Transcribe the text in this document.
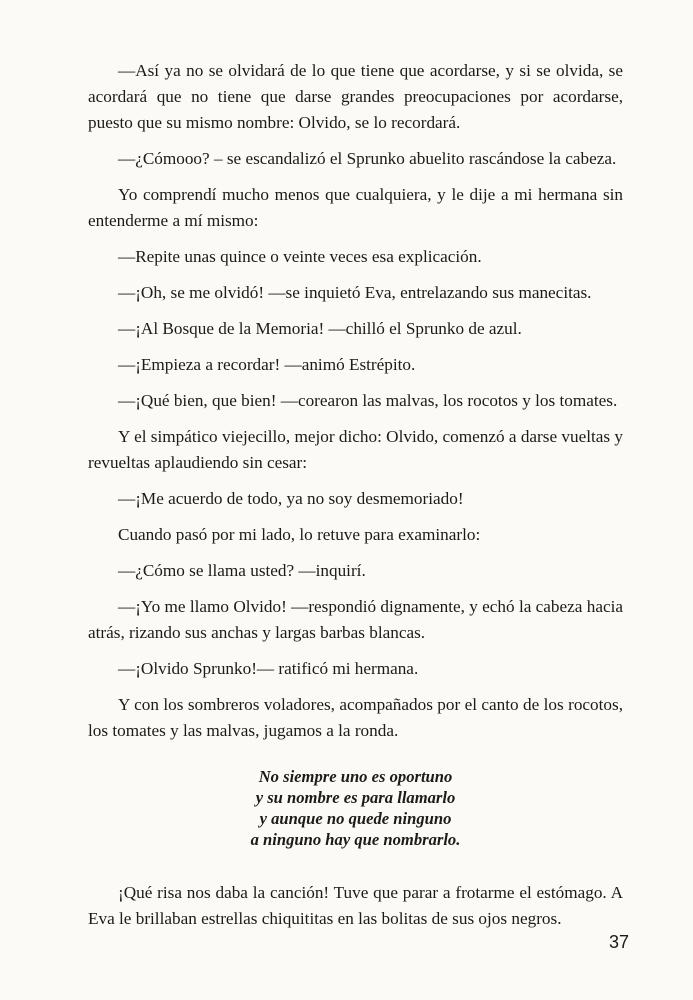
—Así ya no se olvidará de lo que tiene que acordarse, y si se olvida, se acordará que no tiene que darse grandes preocupaciones por acordarse, puesto que su mismo nombre: Olvido, se lo recordará.

—¿Cómooo? – se escandalizó el Sprunko abuelito rascándose la cabeza.

Yo comprendí mucho menos que cualquiera, y le dije a mi hermana sin entenderme a mí mismo:

—Repite unas quince o veinte veces esa explicación.

—¡Oh, se me olvidó! —se inquietó Eva, entrelazando sus manecitas.

—¡Al Bosque de la Memoria! —chilló el Sprunko de azul.

—¡Empieza a recordar! —animó Estrépito.

—¡Qué bien, que bien! —corearon las malvas, los rocotos y los tomates.

Y el simpático viejecillo, mejor dicho: Olvido, comenzó a darse vueltas y revueltas aplaudiendo sin cesar:

—¡Me acuerdo de todo, ya no soy desmemoriado!

Cuando pasó por mi lado, lo retuve para examinarlo:

—¿Cómo se llama usted? —inquirí.

—¡Yo me llamo Olvido! —respondió dignamente, y echó la cabeza hacia atrás, rizando sus anchas y largas barbas blancas.

—¡Olvido Sprunko!— ratificó mi hermana.

Y con los sombreros voladores, acompañados por el canto de los rocotos, los tomates y las malvas, jugamos a la ronda.

No siempre uno es oportuno
y su nombre es para llamarlo
y aunque no quede ninguno
a ninguno hay que nombrarlo.

¡Qué risa nos daba la canción! Tuve que parar a frotarme el estómago. A Eva le brillaban estrellas chiquititas en las bolitas de sus ojos negros.

37
